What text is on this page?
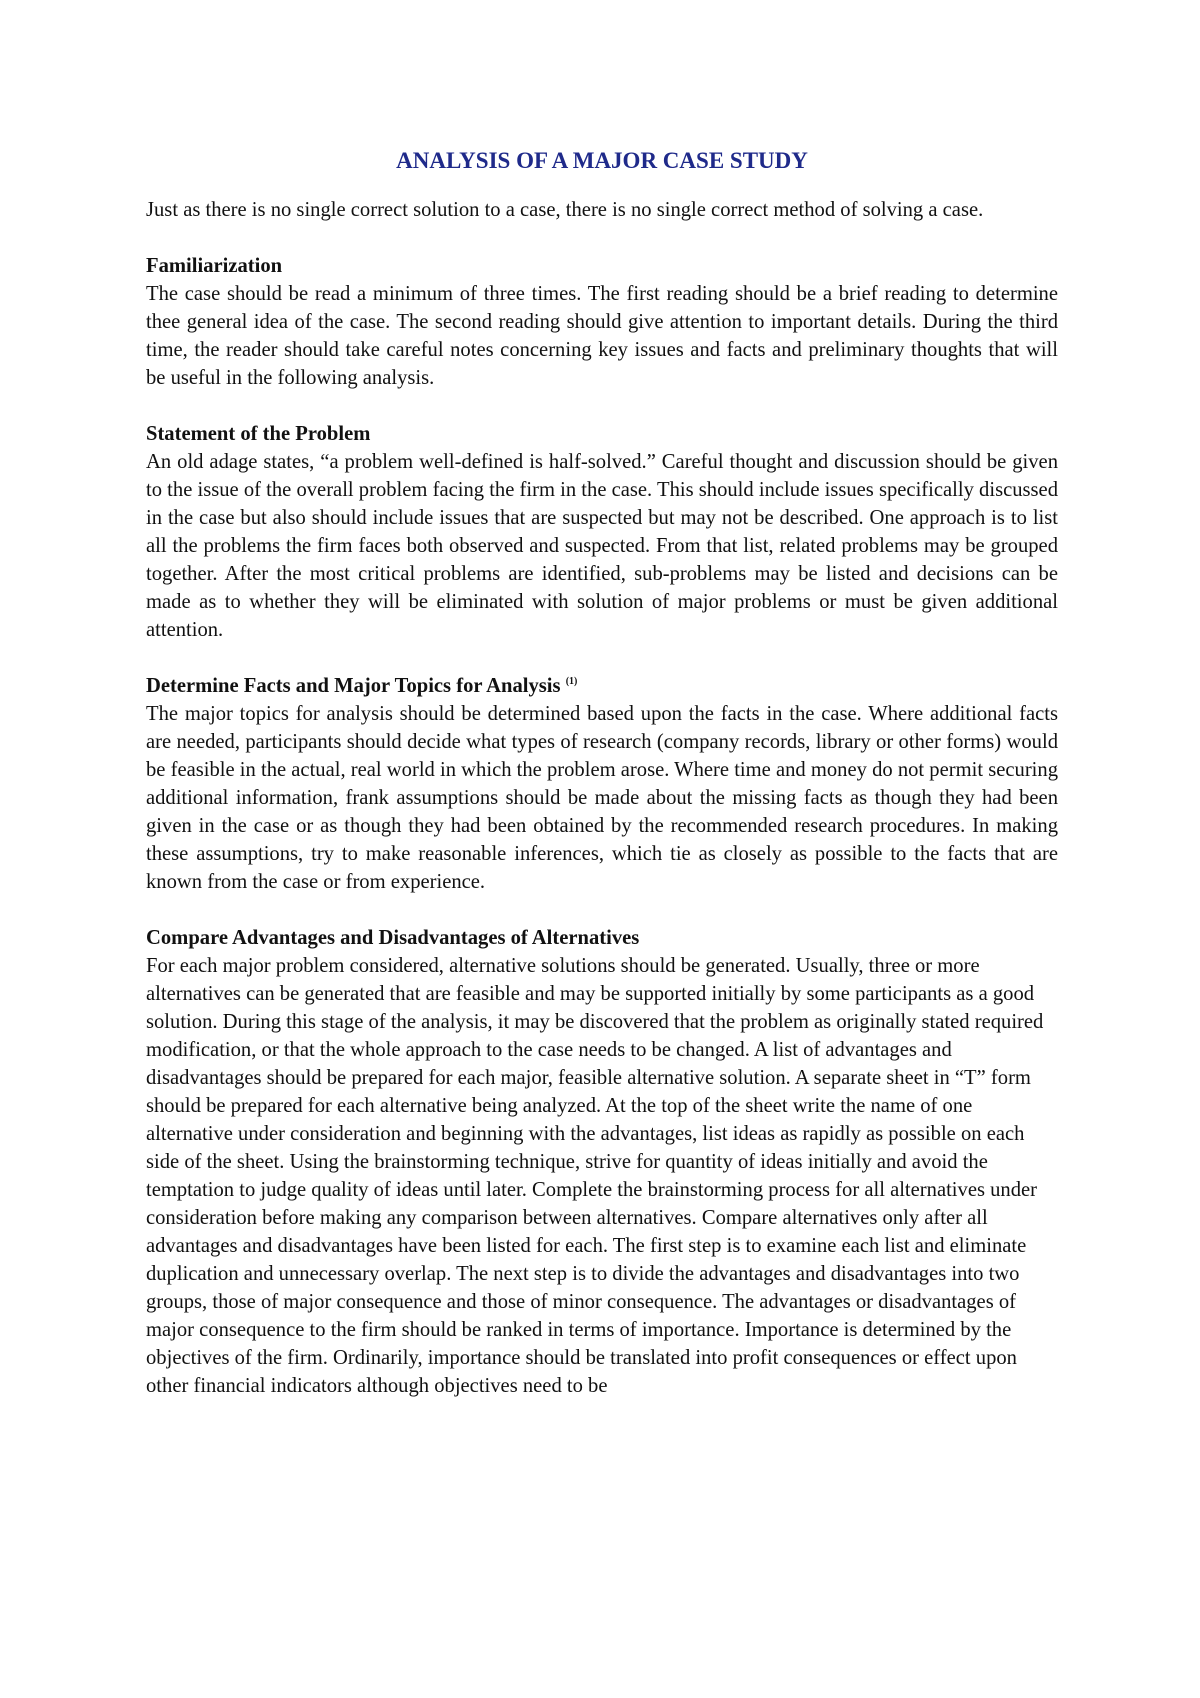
ANALYSIS OF A MAJOR CASE STUDY

Just as there is no single correct solution to a case, there is no single correct method of solving a case.

Familiarization
The case should be read a minimum of three times. The first reading should be a brief reading to determine thee general idea of the case. The second reading should give attention to important details. During the third time, the reader should take careful notes concerning key issues and facts and preliminary thoughts that will be useful in the following analysis.
Statement of the Problem
An old adage states, “a problem well-defined is half-solved.” Careful thought and discussion should be given to the issue of the overall problem facing the firm in the case. This should include issues specifically discussed in the case but also should include issues that are suspected but may not be described. One approach is to list all the problems the firm faces both observed and suspected. From that list, related problems may be grouped together. After the most critical problems are identified, sub-problems may be listed and decisions can be made as to whether they will be eliminated with solution of major problems or must be given additional attention.
Determine Facts and Major Topics for Analysis $^{(1)}$
The major topics for analysis should be determined based upon the facts in the case. Where additional facts are needed, participants should decide what types of research (company records, library or other forms) would be feasible in the actual, real world in which the problem arose. Where time and money do not permit securing additional information, frank assumptions should be made about the missing facts as though they had been given in the case or as though they had been obtained by the recommended research procedures. In making these assumptions, try to make reasonable inferences, which tie as closely as possible to the facts that are known from the case or from experience.
Compare Advantages and Disadvantages of Alternatives
For each major problem considered, alternative solutions should be generated. Usually, three or more alternatives can be generated that are feasible and may be supported initially by some participants as a good solution. During this stage of the analysis, it may be discovered that the problem as originally stated required modification, or that the whole approach to the case needs to be changed. A list of advantages and disadvantages should be prepared for each major, feasible alternative solution. A separate sheet in “T” form should be prepared for each alternative being analyzed. At the top of the sheet write the name of one alternative under consideration and beginning with the advantages, list ideas as rapidly as possible on each side of the sheet. Using the brainstorming technique, strive for quantity of ideas initially and avoid the temptation to judge quality of ideas until later. Complete the brainstorming process for all alternatives under consideration before making any comparison between alternatives. Compare alternatives only after all advantages and disadvantages have been listed for each. The first step is to examine each list and eliminate duplication and unnecessary overlap. The next step is to divide the advantages and disadvantages into two groups, those of major consequence and those of minor consequence. The advantages or disadvantages of major consequence to the firm should be ranked in terms of importance. Importance is determined by the objectives of the firm. Ordinarily, importance should be translated into profit consequences or effect upon other financial indicators although objectives need to be
